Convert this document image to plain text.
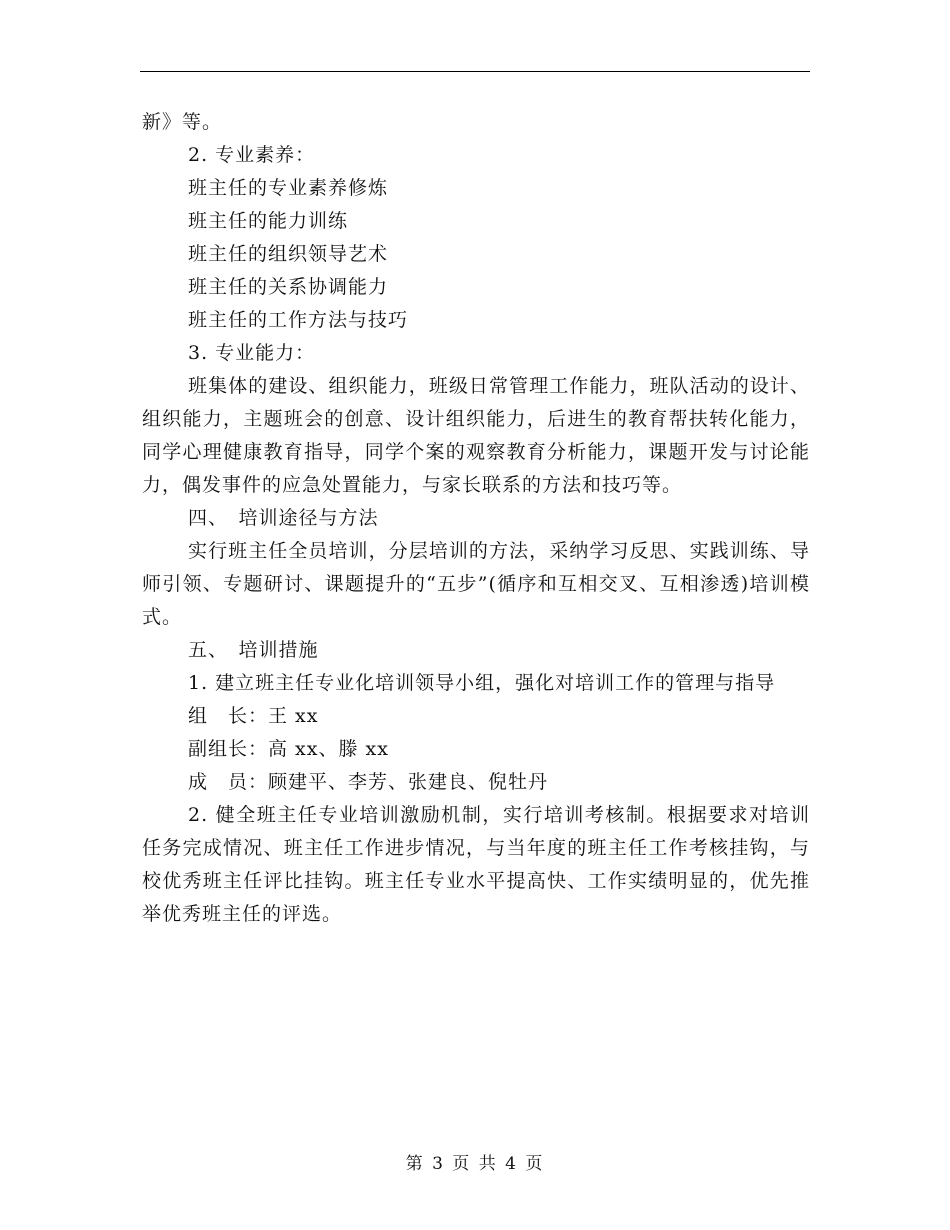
新》等。

2. 专业素养：

班主任的专业素养修炼

班主任的能力训练

班主任的组织领导艺术

班主任的关系协调能力

班主任的工作方法与技巧

3. 专业能力：

班集体的建设、组织能力，班级日常管理工作能力，班队活动的设计、组织能力，主题班会的创意、设计组织能力，后进生的教育帮扶转化能力，同学心理健康教育指导，同学个案的观察教育分析能力，课题开发与讨论能力，偶发事件的应急处置能力，与家长联系的方法和技巧等。

四、　培训途径与方法

实行班主任全员培训，分层培训的方法，采纳学习反思、实践训练、导师引领、专题研讨、课题提升的“五步”(循序和互相交叉、互相渗透)培训模式。

五、　培训措施

1. 建立班主任专业化培训领导小组，强化对培训工作的管理与指导

组　长：王 xx

副组长：高 xx、滕 xx

成　员：顾建平、李芳、张建良、倪牡丹

2. 健全班主任专业培训激励机制，实行培训考核制。根据要求对培训任务完成情况、班主任工作进步情况，与当年度的班主任工作考核挂钩，与校优秀班主任评比挂钩。班主任专业水平提高快、工作实绩明显的，优先推举优秀班主任的评选。

第 3 页 共 4 页
